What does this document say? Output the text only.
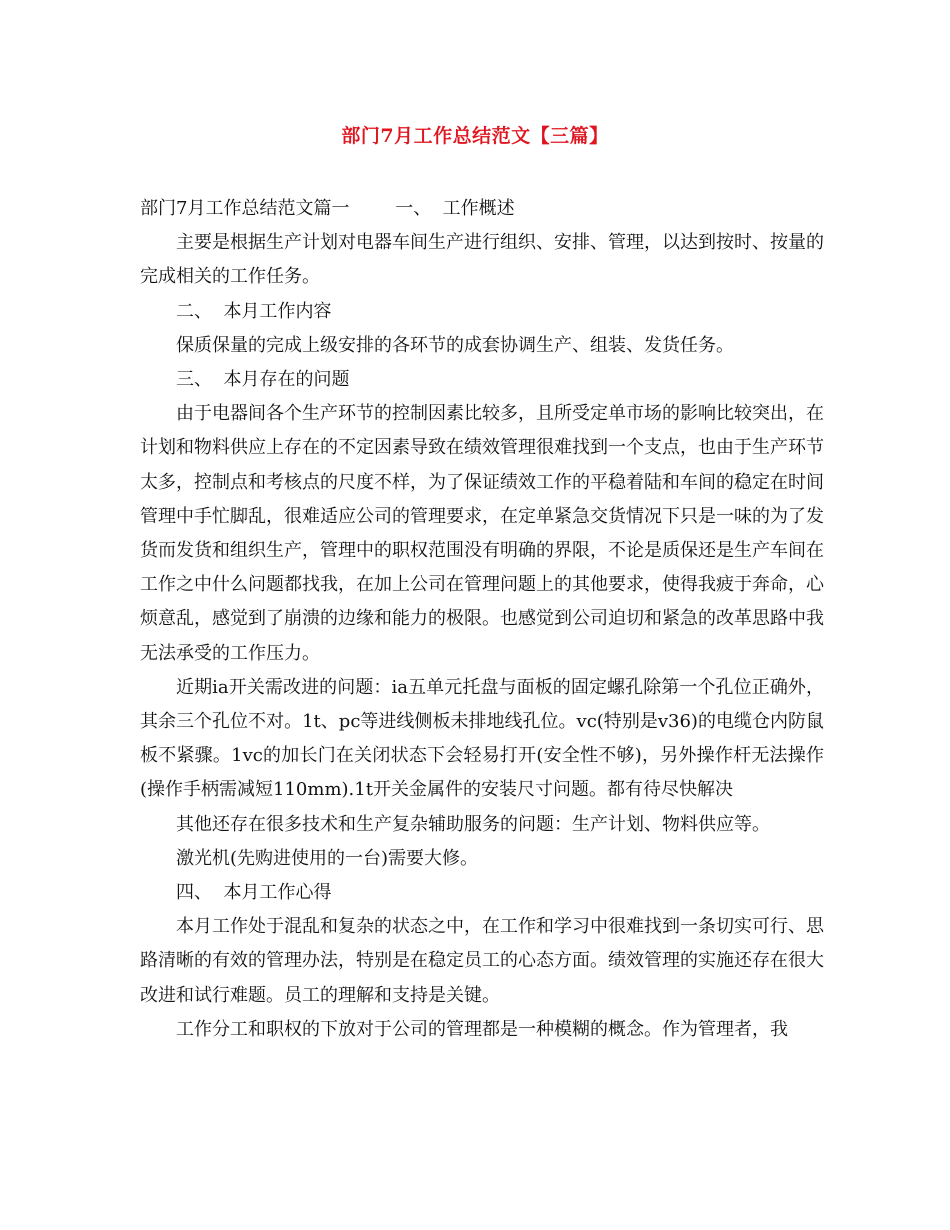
部门7月工作总结范文【三篇】

部门7月工作总结范文篇一        一、  工作概述

主要是根据生产计划对电器车间生产进行组织、安排、管理，以达到按时、按量的完成相关的工作任务。

二、  本月工作内容

保质保量的完成上级安排的各环节的成套协调生产、组装、发货任务。

三、  本月存在的问题

由于电器间各个生产环节的控制因素比较多，且所受定单市场的影响比较突出，在计划和物料供应上存在的不定因素导致在绩效管理很难找到一个支点，也由于生产环节太多，控制点和考核点的尺度不样，为了保证绩效工作的平稳着陆和车间的稳定在时间管理中手忙脚乱，很难适应公司的管理要求，在定单紧急交货情况下只是一味的为了发货而发货和组织生产，管理中的职权范围没有明确的界限，不论是质保还是生产车间在工作之中什么问题都找我，在加上公司在管理问题上的其他要求，使得我疲于奔命，心烦意乱，感觉到了崩溃的边缘和能力的极限。也感觉到公司迫切和紧急的改革思路中我无法承受的工作压力。

近期ia开关需改进的问题：ia五单元托盘与面板的固定螺孔除第一个孔位正确外，其余三个孔位不对。1t、pc等进线侧板未排地线孔位。vc(特别是v36)的电缆仓内防鼠板不紧骤。1vc的加长门在关闭状态下会轻易打开(安全性不够)，另外操作杆无法操作(操作手柄需减短110mm).1t开关金属件的安装尺寸问题。都有待尽快解决

其他还存在很多技术和生产复杂辅助服务的问题：生产计划、物料供应等。

激光机(先购进使用的一台)需要大修。

四、  本月工作心得

本月工作处于混乱和复杂的状态之中，在工作和学习中很难找到一条切实可行、思路清晰的有效的管理办法，特别是在稳定员工的心态方面。绩效管理的实施还存在很大改进和试行难题。员工的理解和支持是关键。

工作分工和职权的下放对于公司的管理都是一种模糊的概念。作为管理者，我
